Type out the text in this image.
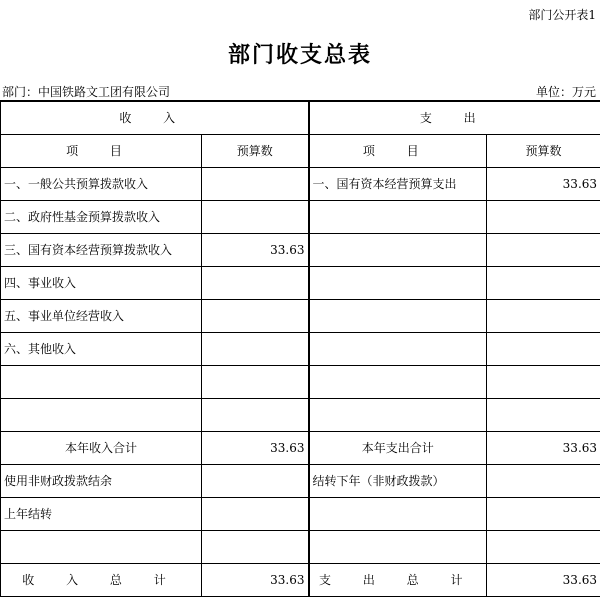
部门公开表1
部门收支总表
部门：中国铁路文工团有限公司	单位：万元
收 入		支 出	
项 目	预算数	项 目	预算数
一、一般公共预算拨款收入		一、国有资本经营预算支出	33.63
二、政府性基金预算拨款收入			
三、国有资本经营预算拨款收入	33.63		
四、事业收入			
五、事业单位经营收入			
六、其他收入			

本年收入合计	33.63	本年支出合计	33.63
使用非财政拨款结余		结转下年（非财政拨款）	
上年结转			

收 入 总 计	33.63	支 出 总 计	33.63
